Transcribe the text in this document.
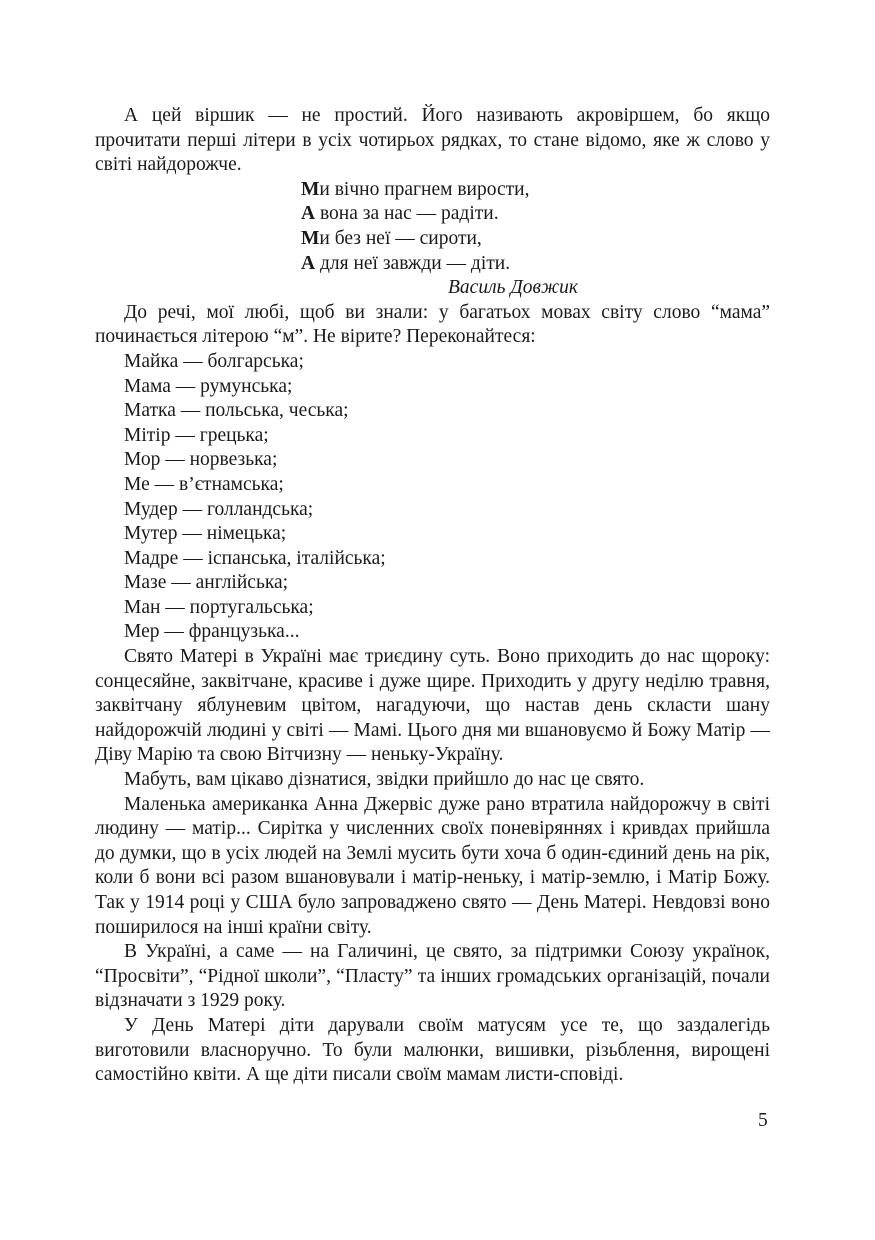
А цей віршик — не простий. Його називають акровіршем, бо якщо прочитати перші літери в усіх чотирьох рядках, то стане відомо, яке ж слово у світі найдорожче.

Ми вічно прагнем вирости,
А вона за нас — радіти.
Ми без неї — сироти,
А для неї завжди — діти.
Василь Довжик

До речі, мої любі, щоб ви знали: у багатьох мовах світу слово “мама” починається літерою “м”. Не вірите? Переконайтеся:

Майка — болгарська;
Мама — румунська;
Матка — польська, чеська;
Мітір — грецька;
Мор — норвезька;
Ме — в’єтнамська;
Мудер — голландська;
Мутер — німецька;
Мадре — іспанська, італійська;
Мазе — англійська;
Ман — португальська;
Мер — французька...

Свято Матері в Україні має триєдину суть. Воно приходить до нас щороку: сонцесяйне, заквітчане, красиве і дуже щире. Приходить у другу неділю травня, заквітчану яблуневим цвітом, нагадуючи, що настав день скласти шану найдорожчій людині у світі — Мамі. Цього дня ми вшановуємо й Божу Матір — Діву Марію та свою Вітчизну — неньку-Україну.

Мабуть, вам цікаво дізнатися, звідки прийшло до нас це свято.

Маленька американка Анна Джервіс дуже рано втратила найдорожчу в світі людину — матір... Сирітка у численних своїх поневіряннях і кривдах прийшла до думки, що в усіх людей на Землі мусить бути хоча б один-єдиний день на рік, коли б вони всі разом вшановували і матір-неньку, і матір-землю, і Матір Божу. Так у 1914 році у США було запроваджено свято — День Матері. Невдовзі воно поширилося на інші країни світу.

В Україні, а саме — на Галичині, це свято, за підтримки Союзу українок, “Просвіти”, “Рідної школи”, “Пласту” та інших громадських організацій, почали відзначати з 1929 року.

У День Матері діти дарували своїм матусям усе те, що заздалегідь виготовили власноручно. То були малюнки, вишивки, різьблення, вирощені самостійно квіти. А ще діти писали своїм мамам листи-сповіді.

5
